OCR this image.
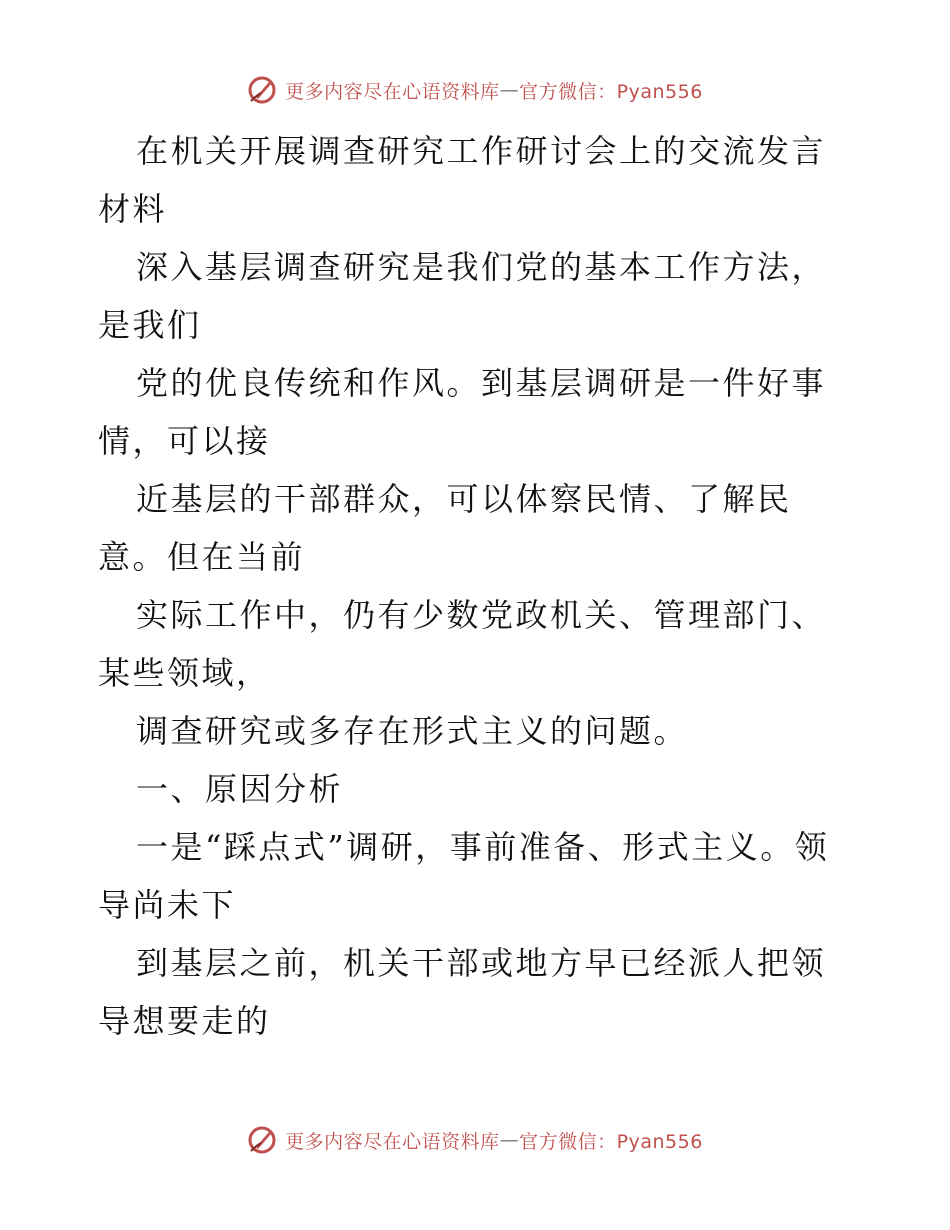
更多内容尽在心语资料库 — 官方微信：Pyan556

在机关开展调查研究工作研讨会上的交流发言材料

深入基层调查研究是我们党的基本工作方法，是我们

党的优良传统和作风。到基层调研是一件好事情，可以接

近基层的干部群众，可以体察民情、了解民意。但在当前

实际工作中，仍有少数党政机关、管理部门、某些领域，

调查研究或多存在形式主义的问题。

一、原因分析

一是“踩点式”调研，事前准备、形式主义。领导尚未下

到基层之前，机关干部或地方早已经派人把领导想要走的

更多内容尽在心语资料库 — 官方微信：Pyan556
